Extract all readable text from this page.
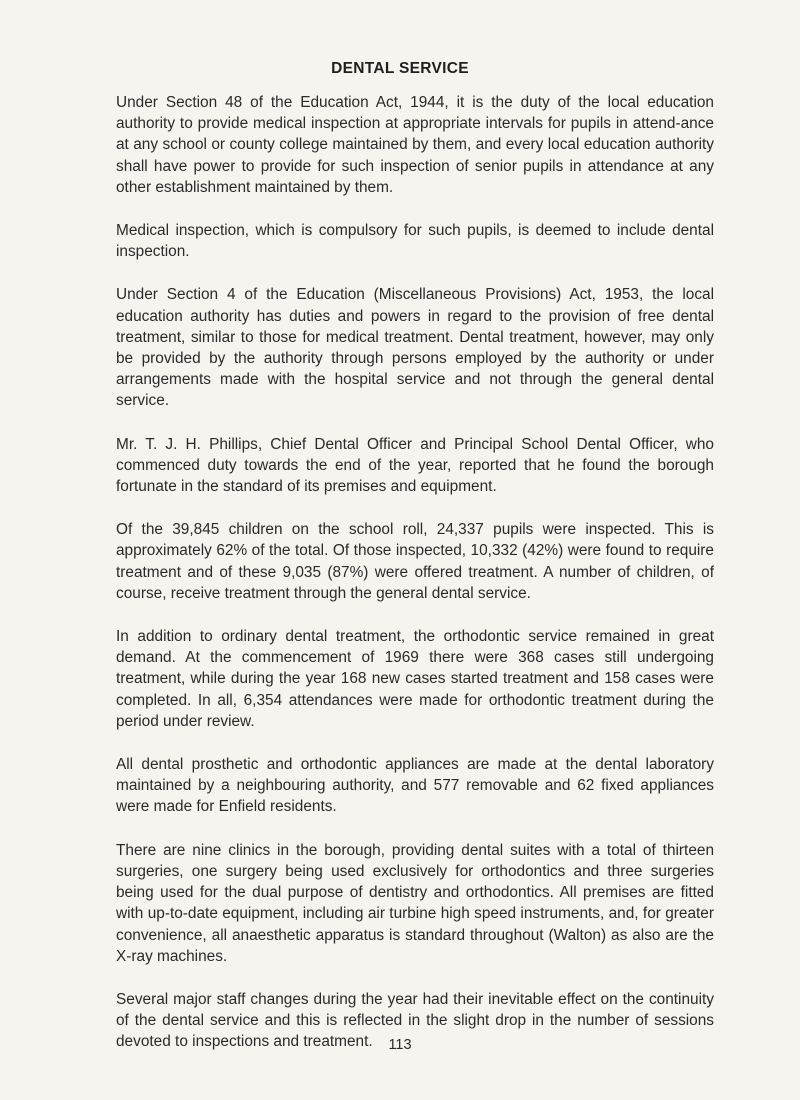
DENTAL SERVICE

Under Section 48 of the Education Act, 1944, it is the duty of the local education authority to provide medical inspection at appropriate intervals for pupils in attend-ance at any school or county college maintained by them, and every local education authority shall have power to provide for such inspection of senior pupils in attendance at any other establishment maintained by them.

Medical inspection, which is compulsory for such pupils, is deemed to include dental inspection.

Under Section 4 of the Education (Miscellaneous Provisions) Act, 1953, the local education authority has duties and powers in regard to the provision of free dental treatment, similar to those for medical treatment. Dental treatment, however, may only be provided by the authority through persons employed by the authority or under arrangements made with the hospital service and not through the general dental service.

Mr. T. J. H. Phillips, Chief Dental Officer and Principal School Dental Officer, who commenced duty towards the end of the year, reported that he found the borough fortunate in the standard of its premises and equipment.

Of the 39,845 children on the school roll, 24,337 pupils were inspected. This is approximately 62% of the total. Of those inspected, 10,332 (42%) were found to require treatment and of these 9,035 (87%) were offered treatment. A number of children, of course, receive treatment through the general dental service.

In addition to ordinary dental treatment, the orthodontic service remained in great demand. At the commencement of 1969 there were 368 cases still undergoing treatment, while during the year 168 new cases started treatment and 158 cases were completed. In all, 6,354 attendances were made for orthodontic treatment during the period under review.

All dental prosthetic and orthodontic appliances are made at the dental laboratory maintained by a neighbouring authority, and 577 removable and 62 fixed appliances were made for Enfield residents.

There are nine clinics in the borough, providing dental suites with a total of thirteen surgeries, one surgery being used exclusively for orthodontics and three surgeries being used for the dual purpose of dentistry and orthodontics. All premises are fitted with up-to-date equipment, including air turbine high speed instruments, and, for greater convenience, all anaesthetic apparatus is standard throughout (Walton) as also are the X-ray machines.

Several major staff changes during the year had their inevitable effect on the continuity of the dental service and this is reflected in the slight drop in the number of sessions devoted to inspections and treatment.	113
